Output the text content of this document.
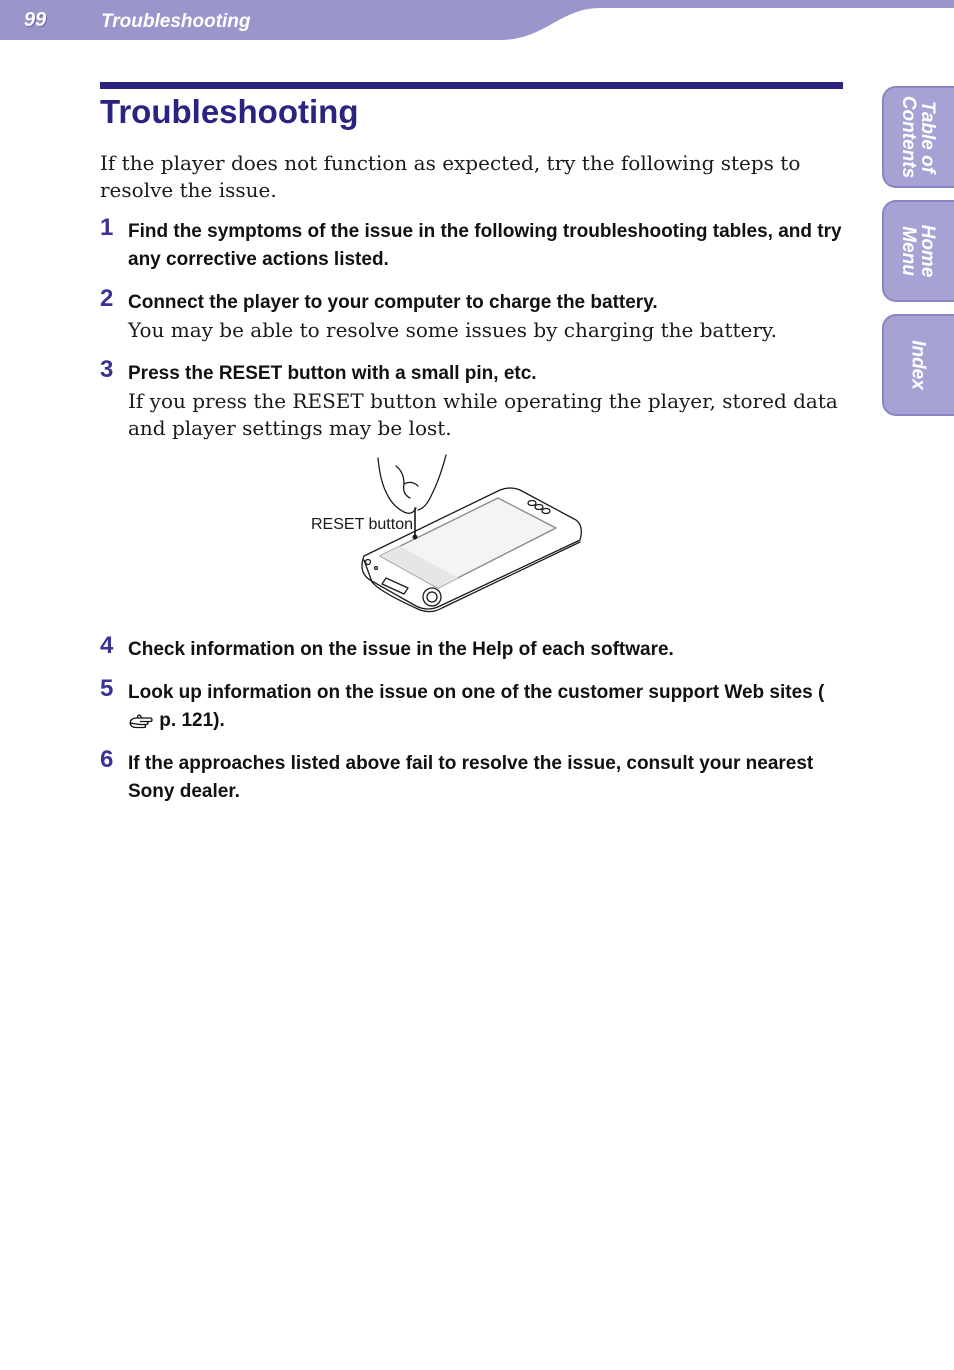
99	Troubleshooting
Table of
Contents
Home
Menu
Index
Troubleshooting

If the player does not function as expected, try the following steps to resolve the issue.

1 Find the symptoms of the issue in the following troubleshooting tables, and try any corrective actions listed.
2 Connect the player to your computer to charge the battery.
You may be able to resolve some issues by charging the battery.
3 Press the RESET button with a small pin, etc.
If you press the RESET button while operating the player, stored data and player settings may be lost.
RESET button
4 Check information on the issue in the Help of each software.
5 Look up information on the issue on one of the customer support Web sites ( p. 121).
6 If the approaches listed above fail to resolve the issue, consult your nearest Sony dealer.
